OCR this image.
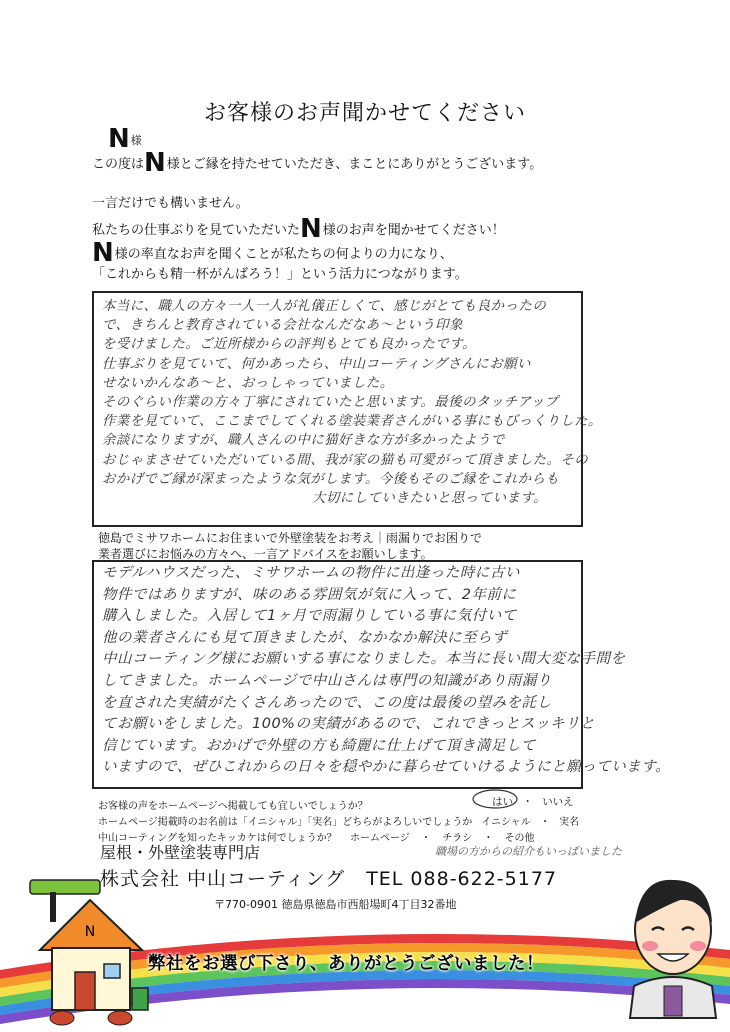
お客様のお声聞かせてください
N様
この度はN様とご縁を持たせていただき、まことにありがとうございます。
一言だけでも構いません。
私たちの仕事ぶりを見ていただいたN様のお声を聞かせてください！
N様の率直なお声を聞くことが私たちの何よりの力になり、
「これからも精一杯がんばろう！」という活力につながります。
本当に、職人の方々一人一人が礼儀正しくて、感じがとても良かったの
で、きちんと教育されている会社なんだなあ〜という印象
を受けました。ご近所様からの評判もとても良かったです。
仕事ぶりを見ていて、何かあったら、中山コーティングさんにお願い
せないかんなあ〜と、おっしゃっていました。
そのぐらい作業の方々丁寧にされていたと思います。最後のタッチアップ
作業を見ていて、ここまでしてくれる塗装業者さんがいる事にもびっくりした。
余談になりますが、職人さんの中に猫好きな方が多かったようで
おじゃまさせていただいている間、我が家の猫も可愛がって頂きました。その
おかげでご縁が深まったような気がします。今後もそのご縁をこれからも
大切にしていきたいと思っています。
徳島でミサワホームにお住まいで外壁塗装をお考え｜雨漏りでお困りで
業者選びにお悩みの方々へ、一言アドバイスをお願いします。
モデルハウスだった、ミサワホームの物件に出逢った時に古い
物件ではありますが、味のある雰囲気が気に入って、2年前に
購入しました。入居して1ヶ月で雨漏りしている事に気付いて
他の業者さんにも見て頂きましたが、なかなか解決に至らず
中山コーティング様にお願いする事になりました。本当に長い間大変な手間を
してきました。ホームページで中山さんは専門の知識があり雨漏り
を直された実績がたくさんあったので、この度は最後の望みを託し
てお願いをしました。100%の実績があるので、これできっとスッキリと
信じています。おかげで外壁の方も綺麗に仕上げて頂き満足して
いますので、ぜひこれからの日々を穏やかに暮らせていけるようにと願っています。
お客様の声をホームページへ掲載しても宜しいでしょうか？	はい ・ いいえ
ホームページ掲載時のお名前は「イニシャル」「実名」どちらがよろしいでしょうか イニシャル ・ 実名
中山コーティングを知ったキッカケは何でしょうか？ ホームページ ・ チラシ ・ その他
職場の方からの紹介もいっぱいました
屋根・外壁塗装専門店
株式会社 中山コーティング TEL 088-622-5177
〒770-0901 徳島県徳島市西船場町4丁目32番地
N
弊社をお選び下さり、ありがとうございました！
